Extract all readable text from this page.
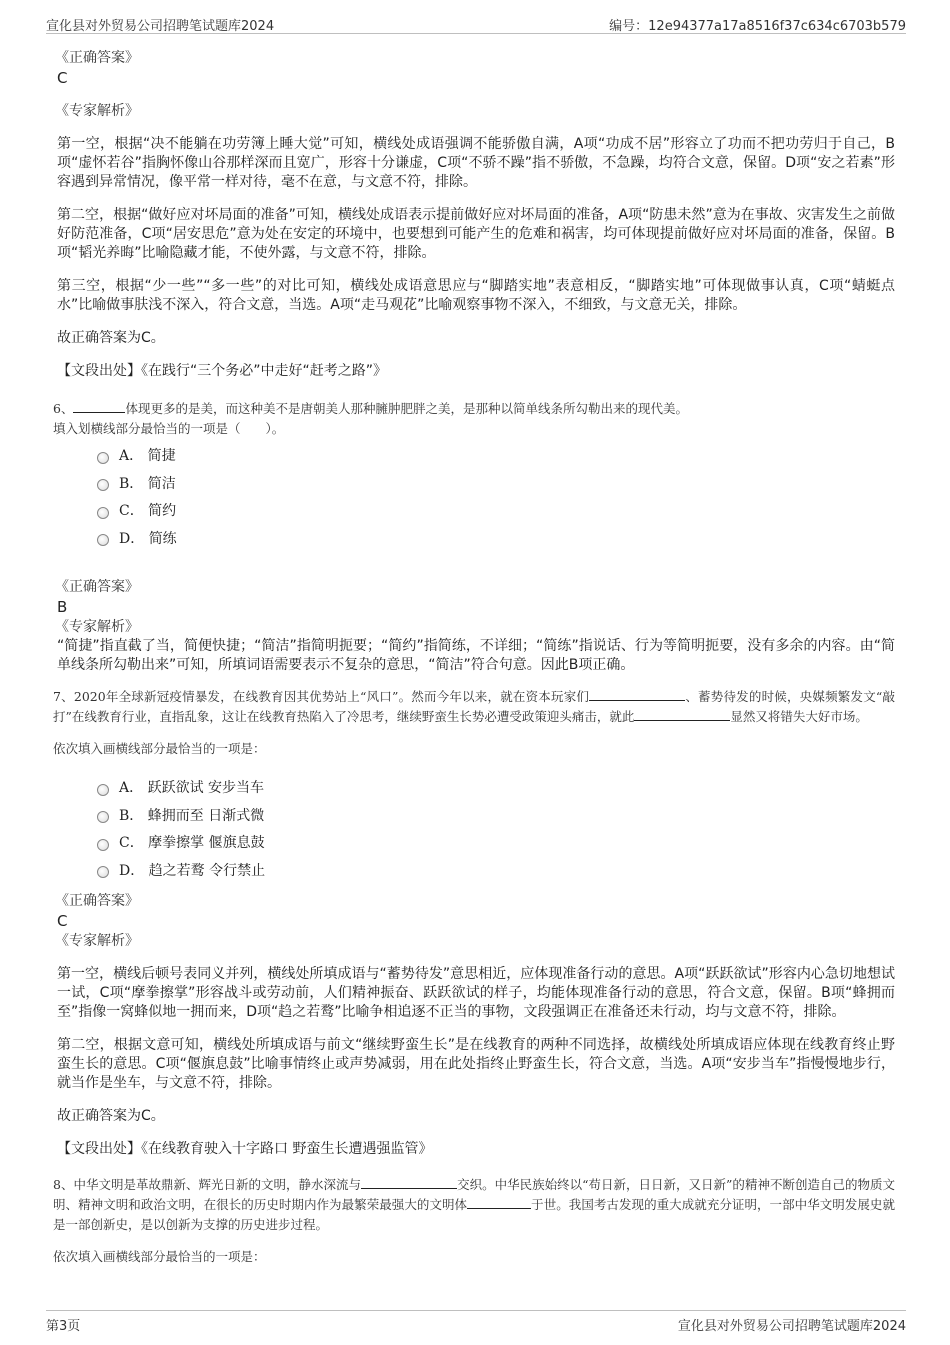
宣化县对外贸易公司招聘笔试题库2024	编号：12e94377a17a8516f37c634c6703b579
《正确答案》
C
《专家解析》

第一空，根据“决不能躺在功劳簿上睡大觉”可知，横线处成语强调不能骄傲自满，A项“功成不居”形容立了功而不把功劳归于自己，B项“虚怀若谷”指胸怀像山谷那样深而且宽广，形容十分谦虚，C项“不骄不躁”指不骄傲，不急躁，均符合文意，保留。D项“安之若素”形容遇到异常情况，像平常一样对待，毫不在意，与文意不符，排除。

第二空，根据“做好应对坏局面的准备”可知，横线处成语表示提前做好应对坏局面的准备，A项“防患未然”意为在事故、灾害发生之前做好防范准备，C项“居安思危”意为处在安定的环境中，也要想到可能产生的危难和祸害，均可体现提前做好应对坏局面的准备，保留。B项“韬光养晦”比喻隐藏才能，不使外露，与文意不符，排除。

第三空，根据“少一些”“多一些”的对比可知，横线处成语意思应与“脚踏实地”表意相反，“脚踏实地”可体现做事认真，C项“蜻蜓点水”比喻做事肤浅不深入，符合文意，当选。A项“走马观花”比喻观察事物不深入，不细致，与文意无关，排除。

故正确答案为C。

【文段出处】《在践行“三个务必”中走好“赶考之路”》

6、	体现更多的是美，而这种美不是唐朝美人那种臃肿肥胖之美，是那种以简单线条所勾勒出来的现代美。

填入划横线部分最恰当的一项是（　　）。

A． 简捷
B． 简洁
C． 简约
D． 简练
《正确答案》
B
《专家解析》

“简捷”指直截了当，简便快捷；“简洁”指简明扼要；“简约”指简练，不详细；“简练”指说话、行为等简明扼要，没有多余的内容。由“简单线条所勾勒出来”可知，所填词语需要表示不复杂的意思，“简洁”符合句意。因此B项正确。

7、2020年全球新冠疫情暴发，在线教育因其优势站上“风口”。然而今年以来，就在资本玩家们	、蓄势待发的时候，央媒频繁发文“敲打”在线教育行业，直指乱象，这让在线教育热陷入了冷思考，继续野蛮生长势必遭受政策迎头痛击，就此	显然又将错失大好市场。

依次填入画横线部分最恰当的一项是：

A． 跃跃欲试 安步当车
B． 蜂拥而至 日渐式微
C． 摩拳擦掌 偃旗息鼓
D． 趋之若鹜 令行禁止
《正确答案》
C
《专家解析》

第一空，横线后顿号表同义并列，横线处所填成语与“蓄势待发”意思相近，应体现准备行动的意思。A项“跃跃欲试”形容内心急切地想试一试，C项“摩拳擦掌”形容战斗或劳动前，人们精神振奋、跃跃欲试的样子，均能体现准备行动的意思，符合文意，保留。B项“蜂拥而至”指像一窝蜂似地一拥而来，D项“趋之若鹜”比喻争相追逐不正当的事物，文段强调正在准备还未行动，均与文意不符，排除。

第二空，根据文意可知，横线处所填成语与前文“继续野蛮生长”是在线教育的两种不同选择，故横线处所填成语应体现在线教育终止野蛮生长的意思。C项“偃旗息鼓”比喻事情终止或声势减弱，用在此处指终止野蛮生长，符合文意，当选。A项“安步当车”指慢慢地步行，就当作是坐车，与文意不符，排除。

故正确答案为C。

【文段出处】《在线教育驶入十字路口 野蛮生长遭遇强监管》

8、中华文明是革故鼎新、辉光日新的文明，静水深流与	交织。中华民族始终以“苟日新，日日新，又日新”的精神不断创造自己的物质文明、精神文明和政治文明，在很长的历史时期内作为最繁荣最强大的文明体	于世。我国考古发现的重大成就充分证明，一部中华文明发展史就是一部创新史，是以创新为支撑的历史进步过程。

依次填入画横线部分最恰当的一项是：

第3页	宣化县对外贸易公司招聘笔试题库2024
